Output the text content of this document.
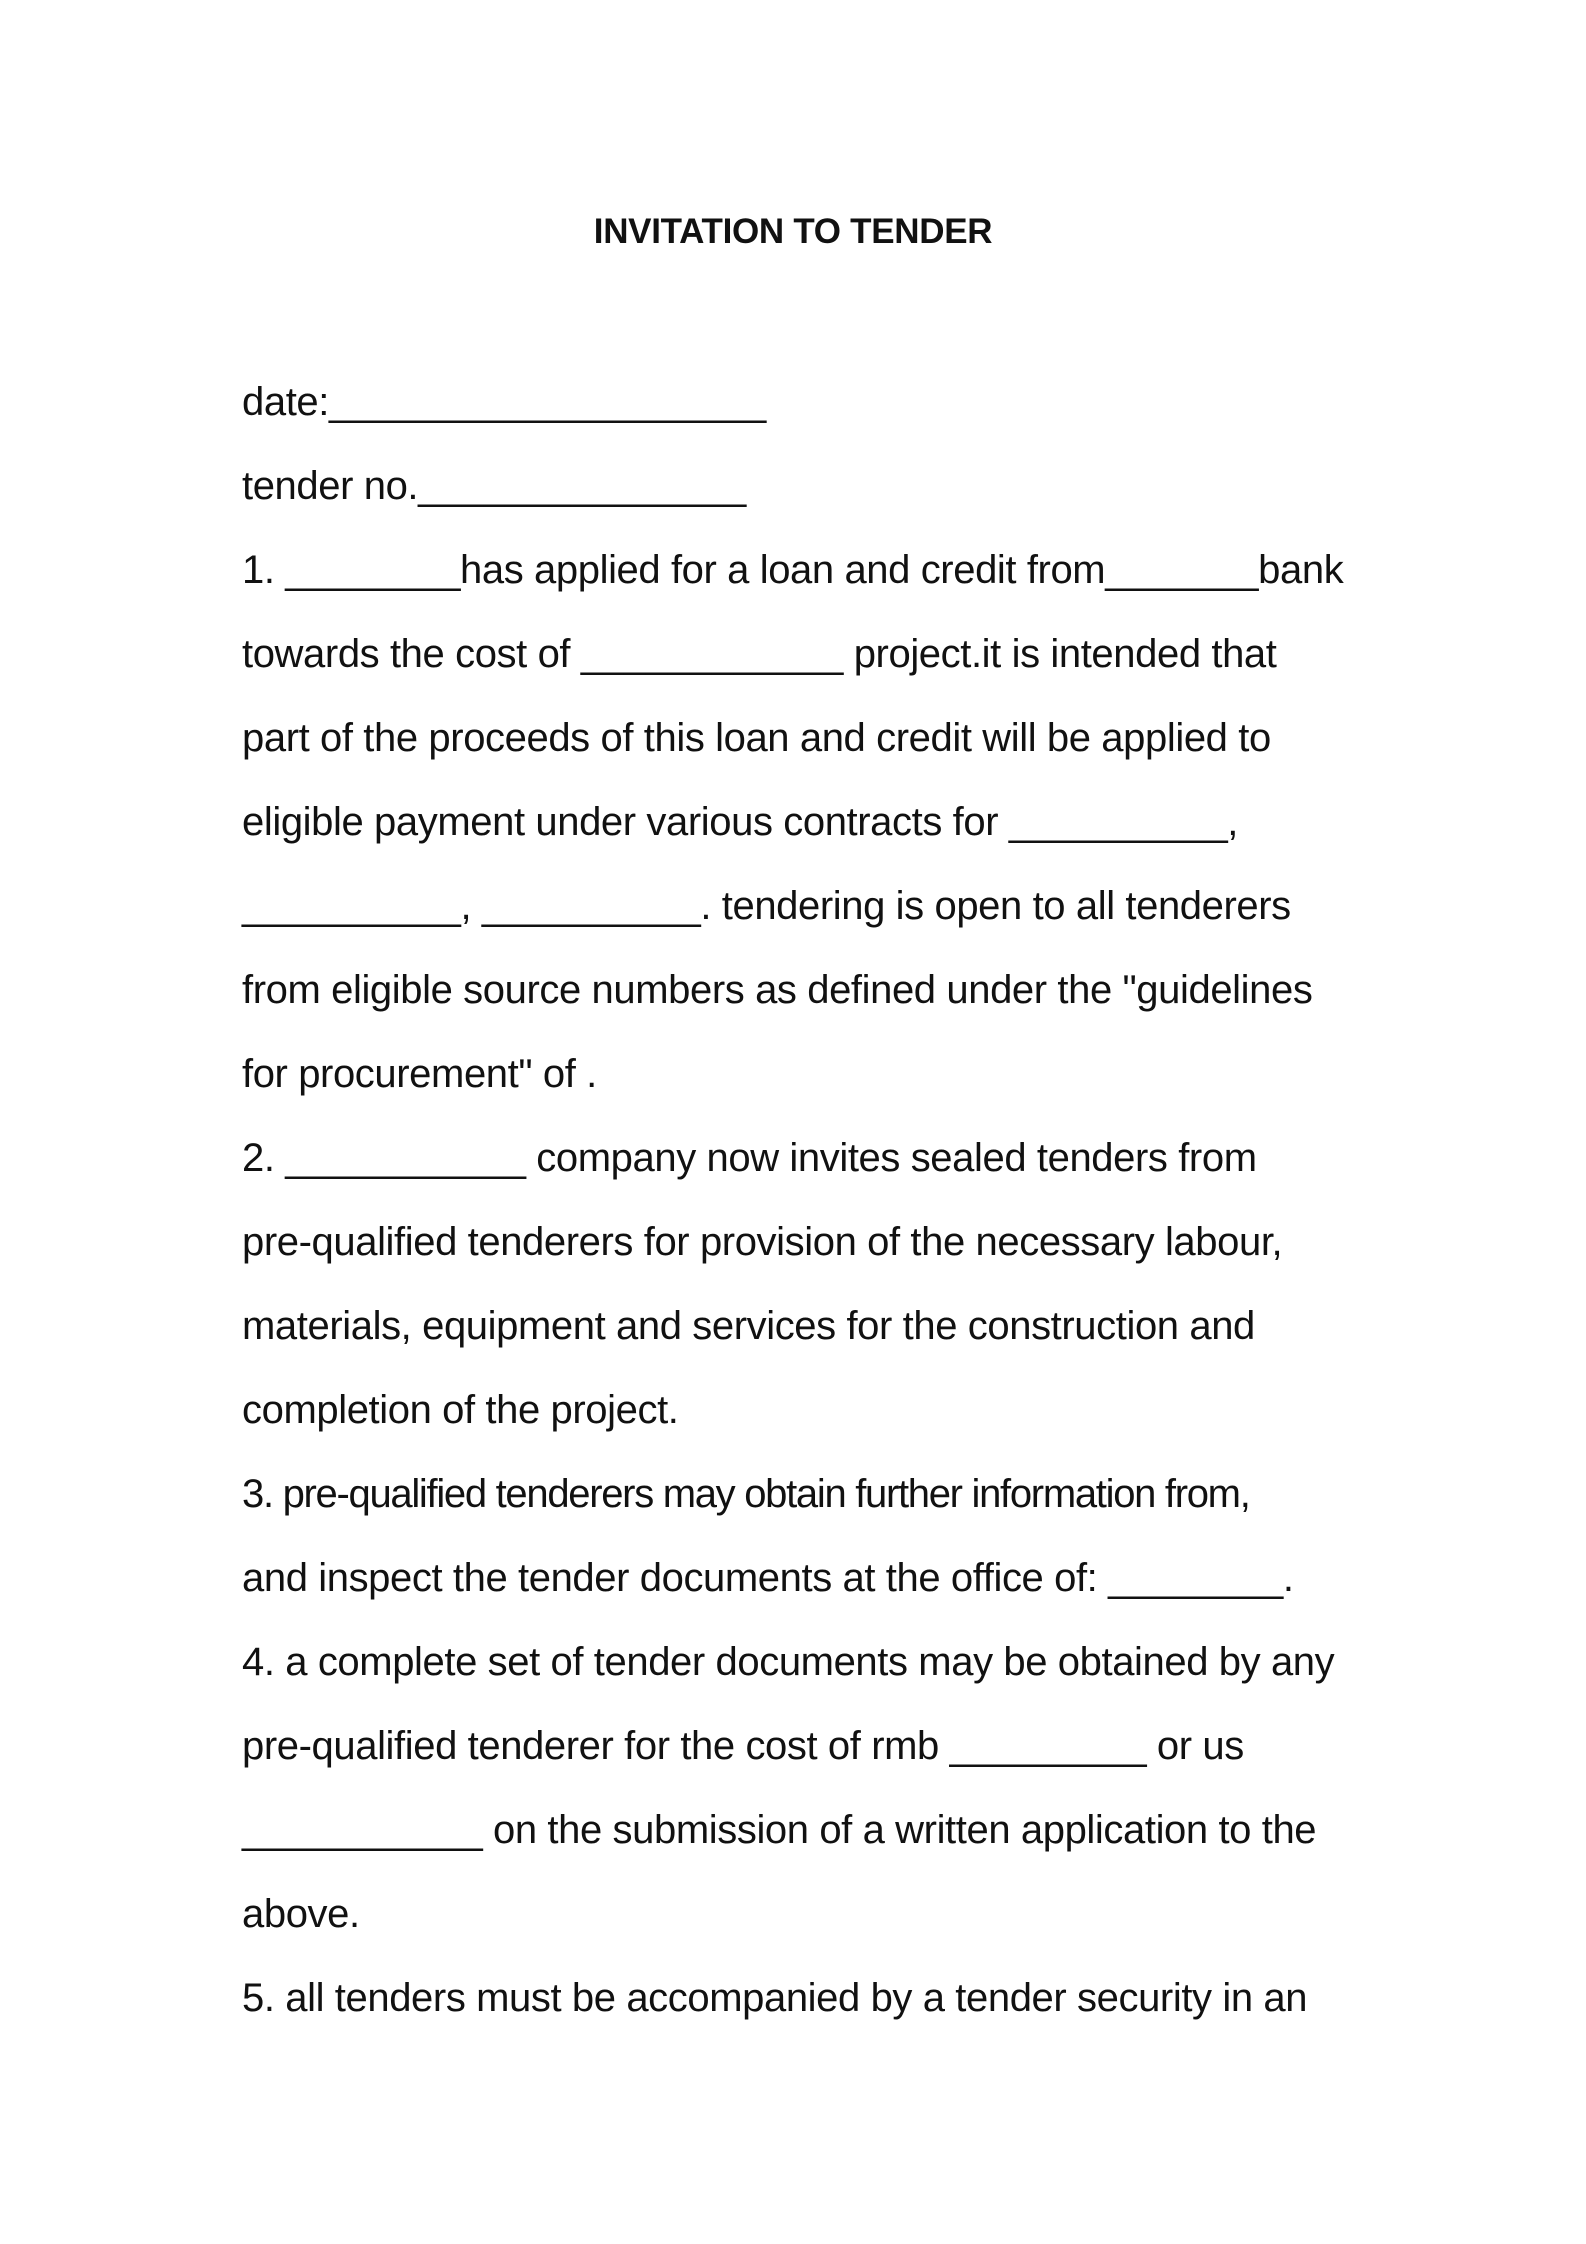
INVITATION TO TENDER
date:____________________
tender no._______________
1. ________has applied for a loan and credit from_______bank
towards the cost of ____________ project.it is intended that
part of the proceeds of this loan and credit will be applied to
eligible payment under various contracts for __________,
__________, __________. tendering is open to all tenderers
from eligible source numbers as defined under the "guidelines
for procurement" of .
2. ___________ company now invites sealed tenders from
pre-qualified tenderers for provision of the necessary labour,
materials, equipment and services for the construction and
completion of the project.
3. pre-qualified tenderers may obtain further information from,
and inspect the tender documents at the office of: ________.
4. a complete set of tender documents may be obtained by any
pre-qualified tenderer for the cost of rmb _________ or us
___________ on the submission of a written application to the
above.
5. all tenders must be accompanied by a tender security in an
